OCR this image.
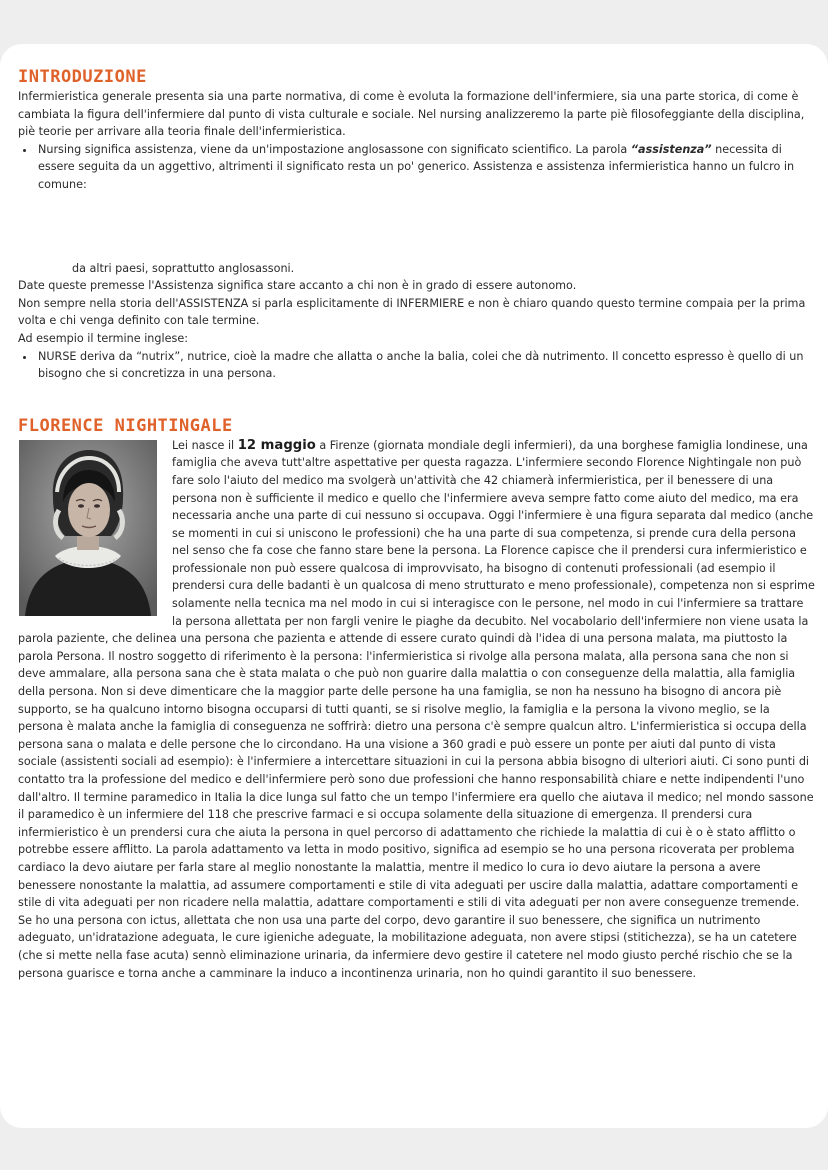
INTRODUZIONE

Infermieristica generale presenta sia una parte normativa, di come è evoluta la formazione dell'infermiere, sia una parte storica, di come è cambiata la figura dell'infermiere dal punto di vista culturale e sociale. Nel nursing analizzeremo la parte piè filosofeggiante della disciplina, piè teorie per arrivare alla teoria finale dell'infermieristica.

• Nursing significa assistenza, viene da un'impostazione anglosassone con significato scientifico. La parola “assistenza” necessita di essere seguita da un aggettivo, altrimenti il significato resta un po' generico. Assistenza e assistenza infermieristica hanno un fulcro in comune:

da altri paesi, soprattutto anglosassoni.

Date queste premesse l'Assistenza significa stare accanto a chi non è in grado di essere autonomo.

Non sempre nella storia dell'ASSISTENZA si parla esplicitamente di INFERMIERE e non è chiaro quando questo termine compaia per la prima volta e chi venga definito con tale termine.

Ad esempio il termine inglese:

• NURSE deriva da “nutrix”, nutrice, cioè la madre che allatta o anche la balia, colei che dà nutrimento. Il concetto espresso è quello di un bisogno che si concretizza in una persona.
FLORENCE NIGHTINGALE

Lei nasce il 12 maggio
a Firenze (giornata mondiale degli infermieri), da una borghese famiglia londinese, una famiglia che aveva tutt'altre aspettative per questa ragazza. L'infermiere secondo Florence Nightingale non può fare solo l'aiuto del medico ma svolgerà un'attività che 42 chiamerà infermieristica, per il benessere di una persona non è sufficiente il medico e quello che l'infermiere aveva sempre fatto come aiuto del medico, ma era necessaria anche una parte di cui nessuno si occupava. Oggi l'infermiere è una figura separata dal medico (anche se momenti in cui si uniscono le professioni) che ha una parte di sua competenza, si prende cura della persona nel senso che fa cose che fanno stare bene la persona. La Florence capisce che il prendersi cura infermieristico e professionale non può essere qualcosa di improvvisato, ha bisogno di contenuti professionali (ad esempio il prendersi cura delle badanti è un qualcosa di meno strutturato e meno professionale), competenza non si esprime solamente nella tecnica ma nel modo in cui si interagisce con le persone, nel modo in cui l'infermiere sa trattare la persona allettata per non fargli venire le piaghe da decubito. Nel vocabolario dell'infermiere non viene usata la parola paziente, che delinea una persona che pazienta e attende di essere curato quindi dà l'idea di una persona malata, ma piuttosto la parola Persona. Il nostro soggetto di riferimento è la persona: l'infermieristica si rivolge alla persona malata, alla persona sana che non si deve ammalare, alla persona sana che è stata malata o che può non guarire dalla malattia o con conseguenze della malattia, alla famiglia della persona. Non si deve dimenticare che la maggior parte delle persone ha una famiglia, se non ha nessuno ha bisogno di ancora piè supporto, se ha qualcuno intorno bisogna occuparsi di tutti quanti, se si risolve meglio, la famiglia e la persona la vivono meglio, se la persona è malata anche la famiglia di conseguenza ne soffrirà: dietro una persona c'è sempre qualcun altro. L'infermieristica si occupa della persona sana o malata e delle persone che lo circondano. Ha una visione a 360 gradi e può essere un ponte per aiuti dal punto di vista sociale (assistenti sociali ad esempio): è l'infermiere a intercettare situazioni in cui la persona abbia bisogno di ulteriori aiuti. Ci sono punti di contatto tra la professione del medico e dell'infermiere però sono due professioni che hanno responsabilità chiare e nette indipendenti l'uno dall'altro. Il termine paramedico in Italia la dice lunga sul fatto che un tempo l'infermiere era quello che aiutava il medico; nel mondo sassone il paramedico è un infermiere del 118 che prescrive farmaci e si occupa solamente della situazione di emergenza. Il prendersi cura infermieristico è un prendersi cura che aiuta la persona in quel percorso di adattamento che richiede la malattia di cui è o è stato afflitto o potrebbe essere afflitto. La parola adattamento va letta in modo positivo, significa ad esempio se ho una persona ricoverata per problema cardiaco la devo aiutare per farla stare al meglio nonostante la malattia, mentre il medico lo cura io devo aiutare la persona a avere benessere nonostante la malattia, ad assumere comportamenti e stile di vita adeguati per uscire dalla malattia, adattare comportamenti e stile di vita adeguati per non ricadere nella malattia, adattare comportamenti e stili di vita adeguati per non avere conseguenze tremende. Se ho una persona con ictus, allettata che non usa una parte del corpo, devo garantire il suo benessere, che significa un nutrimento adeguato, un'idratazione adeguata, le cure igieniche adeguate, la mobilitazione adeguata, non avere stipsi (stitichezza), se ha un catetere (che si mette nella fase acuta) sennò eliminazione urinaria, da infermiere devo gestire il catetere nel modo giusto perché rischio che se la persona guarisce e torna anche a camminare la induco a incontinenza urinaria, non ho quindi garantito il suo benessere.
